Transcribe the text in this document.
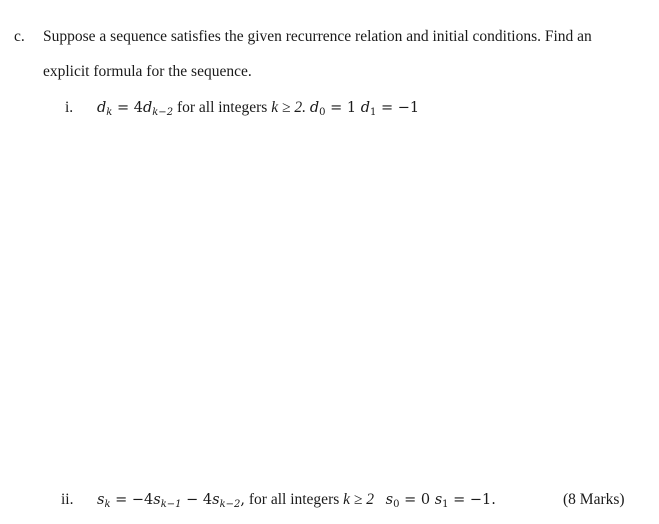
c. Suppose a sequence satisfies the given recurrence relation and initial conditions. Find an
explicit formula for the sequence.
i. $d_k = 4d_{k-2}$ for all integers k ≥ 2. $d_0 = 1$ $d_1 = -1$
ii. $s_k = -4s_{k-1} - 4s_{k-2}$, for all integers k ≥ 2 $s_0 = 0$ $s_1 = -1$.	(8 Marks)
